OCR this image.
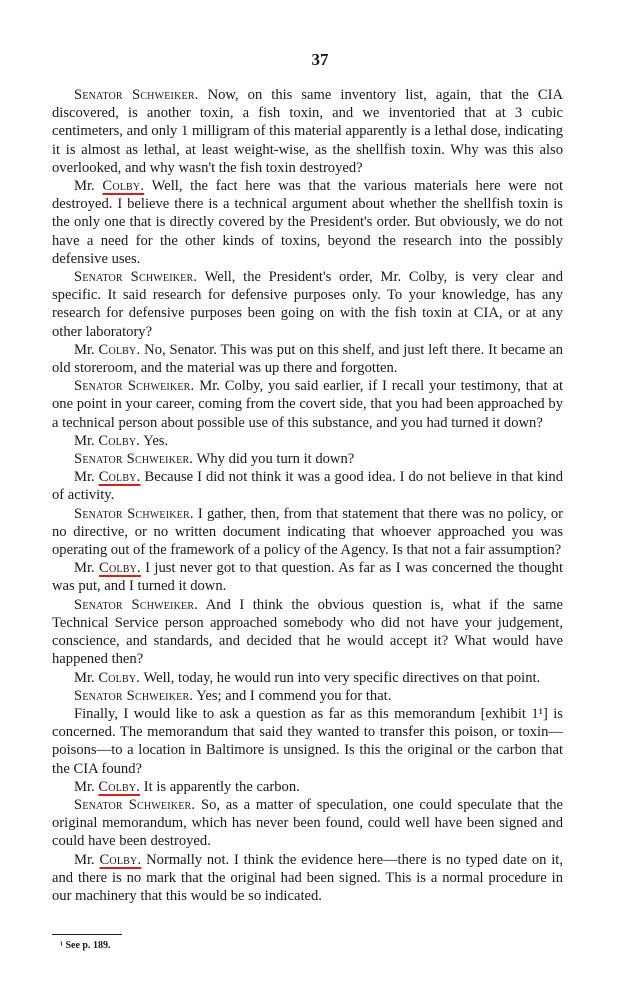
37

Senator Schweiker. Now, on this same inventory list, again, that the CIA discovered, is another toxin, a fish toxin, and we inventoried that at 3 cubic centimeters, and only 1 milligram of this material apparently is a lethal dose, indicating it is almost as lethal, at least weight-wise, as the shellfish toxin. Why was this also overlooked, and why wasn't the fish toxin destroyed?

Mr. Colby. Well, the fact here was that the various materials here were not destroyed. I believe there is a technical argument about whether the shellfish toxin is the only one that is directly covered by the President's order. But obviously, we do not have a need for the other kinds of toxins, beyond the research into the possibly defensive uses.

Senator Schweiker. Well, the President's order, Mr. Colby, is very clear and specific. It said research for defensive purposes only. To your knowledge, has any research for defensive purposes been going on with the fish toxin at CIA, or at any other laboratory?

Mr. Colby. No, Senator. This was put on this shelf, and just left there. It became an old storeroom, and the material was up there and forgotten.

Senator Schweiker. Mr. Colby, you said earlier, if I recall your testimony, that at one point in your career, coming from the covert side, that you had been approached by a technical person about possible use of this substance, and you had turned it down?

Mr. Colby. Yes.

Senator Schweiker. Why did you turn it down?

Mr. Colby. Because I did not think it was a good idea. I do not believe in that kind of activity.

Senator Schweiker. I gather, then, from that statement that there was no policy, or no directive, or no written document indicating that whoever approached you was operating out of the framework of a policy of the Agency. Is that not a fair assumption?

Mr. Colby. I just never got to that question. As far as I was concerned the thought was put, and I turned it down.

Senator Schweiker. And I think the obvious question is, what if the same Technical Service person approached somebody who did not have your judgement, conscience, and standards, and decided that he would accept it? What would have happened then?

Mr. Colby. Well, today, he would run into very specific directives on that point.

Senator Schweiker. Yes; and I commend you for that.

Finally, I would like to ask a question as far as this memorandum [exhibit 1¹] is concerned. The memorandum that said they wanted to transfer this poison, or toxin—poisons—to a location in Baltimore is unsigned. Is this the original or the carbon that the CIA found?

Mr. Colby. It is apparently the carbon.

Senator Schweiker. So, as a matter of speculation, one could speculate that the original memorandum, which has never been found, could well have been signed and could have been destroyed.

Mr. Colby. Normally not. I think the evidence here—there is no typed date on it, and there is no mark that the original had been signed. This is a normal procedure in our machinery that this would be so indicated.

¹ See p. 189.
